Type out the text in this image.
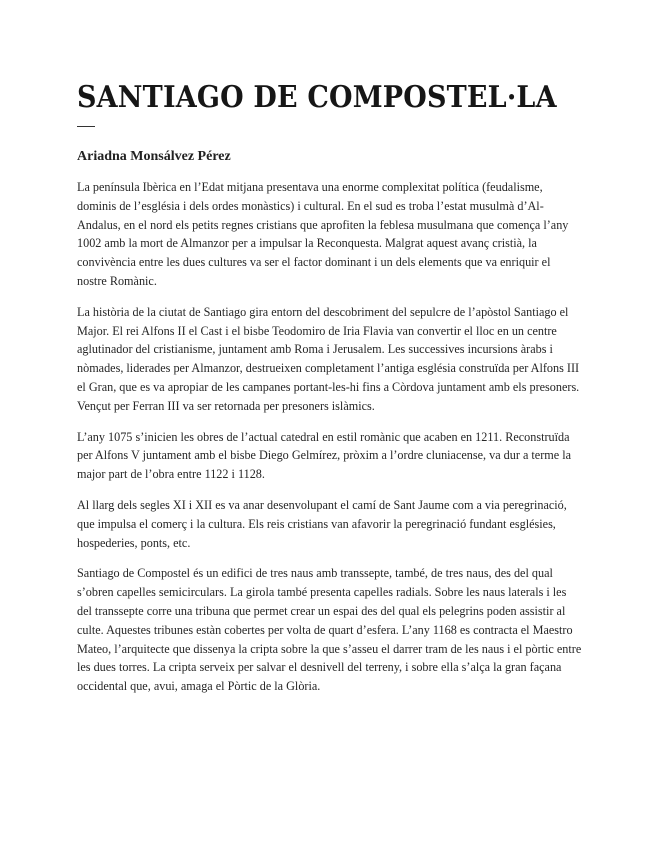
SANTIAGO DE COMPOSTEL·LA

Ariadna Monsálvez Pérez

La península Ibèrica en l’Edat mitjana presentava una enorme complexitat política (feudalisme, dominis de l’església i dels ordes monàstics) i cultural. En el sud es troba l’estat musulmà d’Al-Andalus, en el nord els petits regnes cristians que aprofiten la feblesa musulmana que comença l’any 1002 amb la mort de Almanzor per a impulsar la Reconquesta. Malgrat aquest avanç cristià, la convivència entre les dues cultures va ser el factor dominant i un dels elements que va enriquir el nostre Romànic.

La història de la ciutat de Santiago gira entorn del descobriment del sepulcre de l’apòstol Santiago el Major. El rei Alfons II el Cast i el bisbe Teodomiro de Iria Flavia van convertir el lloc en un centre aglutinador del cristianisme, juntament amb Roma i Jerusalem. Les successives incursions àrabs i nòmades, liderades per Almanzor, destrueixen completament l’antiga església construïda per Alfons III el Gran, que es va apropiar de les campanes portant-les-hi fins a Còrdova juntament amb els presoners. Vençut per Ferran III va ser retornada per presoners islàmics.

L’any 1075 s’inicien les obres de l’actual catedral en estil romànic que acaben en 1211. Reconstruïda per Alfons V juntament amb el bisbe Diego Gelmírez, pròxim a l’ordre cluniacense, va dur a terme la major part de l’obra entre 1122 i 1128.

Al llarg dels segles XI i XII es va anar desenvolupant el camí de Sant Jaume com a via peregrinació, que impulsa el comerç i la cultura. Els reis cristians van afavorir la peregrinació fundant esglésies, hospederies, ponts, etc.

Santiago de Compostel és un edifici de tres naus amb transsepte, també, de tres naus, des del qual s’obren capelles semicirculars. La girola també presenta capelles radials. Sobre les naus laterals i les del transsepte corre una tribuna que permet crear un espai des del qual els pelegrins poden assistir al culte. Aquestes tribunes estàn cobertes per volta de quart d’esfera. L’any 1168 es contracta el Maestro Mateo, l’arquitecte que dissenya la cripta sobre la que s’asseu el darrer tram de les naus i el pòrtic entre les dues torres. La cripta serveix per salvar el desnivell del terreny, i sobre ella s’alça la gran façana occidental que, avui, amaga el Pòrtic de la Glòria.
